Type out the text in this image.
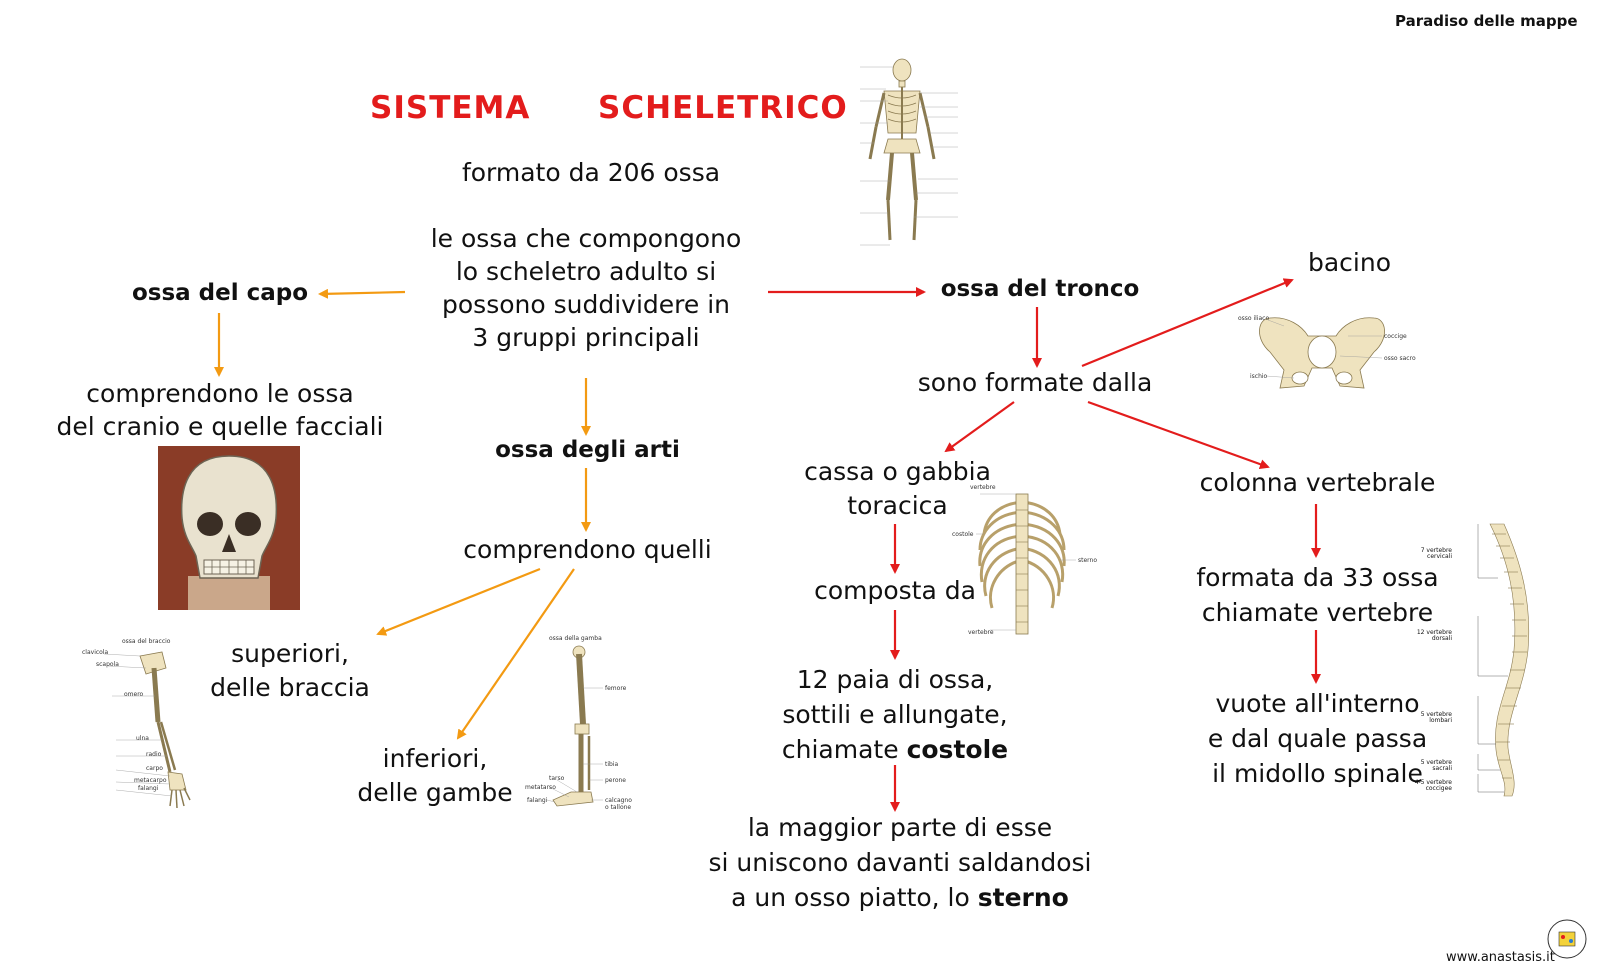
Paradiso delle mappe
SISTEMA SCHELETRICO
formato da 206 ossa
le ossa che compongono
lo scheletro adulto si
possono suddividere in
3 gruppi principali
ossa del capo
comprendono le ossa
del cranio e quelle facciali
ossa degli arti
comprendono quelli
superiori,
delle braccia
inferiori,
delle gambe
ossa del tronco
sono formate dalla
bacino
cassa o gabbia
toracica
composta da
12 paia di ossa,
sottili e allungate,
chiamate costole
la maggior parte di esse
si uniscono davanti saldandosi
a un osso piatto, lo sterno
colonna vertebrale
formata da 33 ossa
chiamate vertebre
vuote all'interno
e dal quale passa
il midollo spinale
ossa del braccio
clavicola
scapola
omero
ulna
radio
carpo
metacarpo
falangi
ossa della gamba
femore
tibia
perone
tarso
metatarso
falangi	calcagno
o tallone
osso iliaco
coccige
osso sacro
ischio
vertebre
costole
sterno
vertebre
7 vertebre cervicali
12 vertebre dorsali
5 vertebre lombari
5 vertebre sacrali
4-5 vertebre coccigee
www.anastasis.it
